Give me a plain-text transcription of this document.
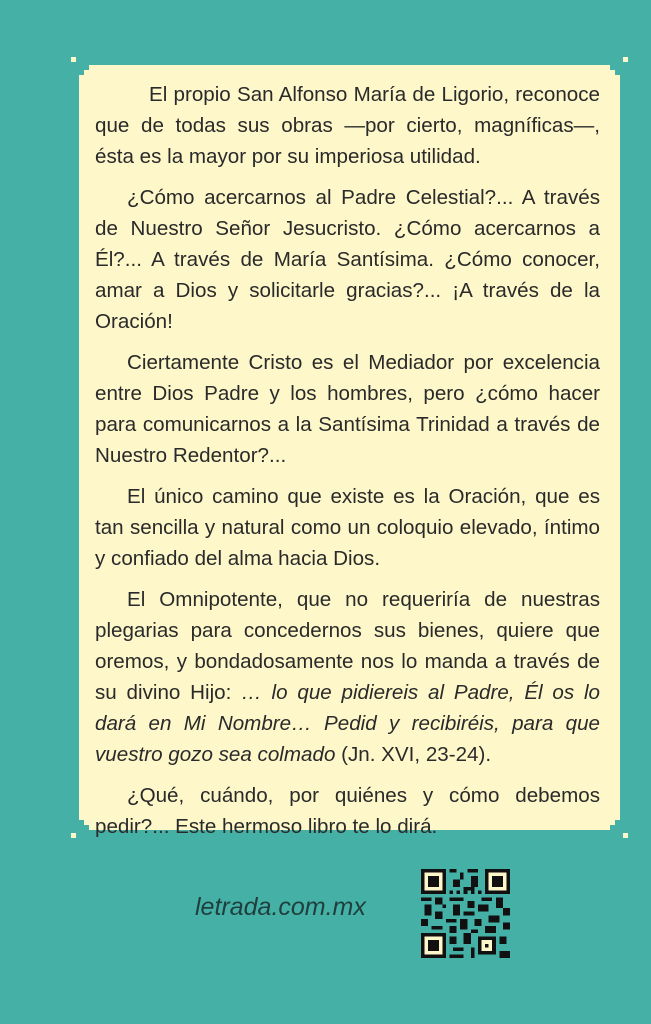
El propio San Alfonso María de Ligorio, reconoce que de todas sus obras —por cierto, magníficas—, ésta es la mayor por su imperiosa utilidad.

¿Cómo acercarnos al Padre Celestial?... A través de Nuestro Señor Jesucristo. ¿Cómo acercarnos a Él?... A través de María Santísima. ¿Cómo conocer, amar a Dios y solicitarle gracias?... ¡A través de la Oración!

Ciertamente Cristo es el Mediador por excelencia entre Dios Padre y los hombres, pero ¿cómo hacer para comunicarnos a la Santísima Trinidad a través de Nuestro Redentor?...

El único camino que existe es la Oración, que es tan sencilla y natural como un coloquio elevado, íntimo y confiado del alma hacia Dios.

El Omnipotente, que no requeriría de nuestras plegarias para concedernos sus bienes, quiere que oremos, y bondadosamente nos lo manda a través de su divino Hijo: … lo que pidiereis al Padre, Él os lo dará en Mi Nombre… Pedid y recibiréis, para que vuestro gozo sea colmado (Jn. XVI, 23-24).

¿Qué, cuándo, por quiénes y cómo debemos pedir?... Este hermoso libro te lo dirá.

letrada.com.mx
